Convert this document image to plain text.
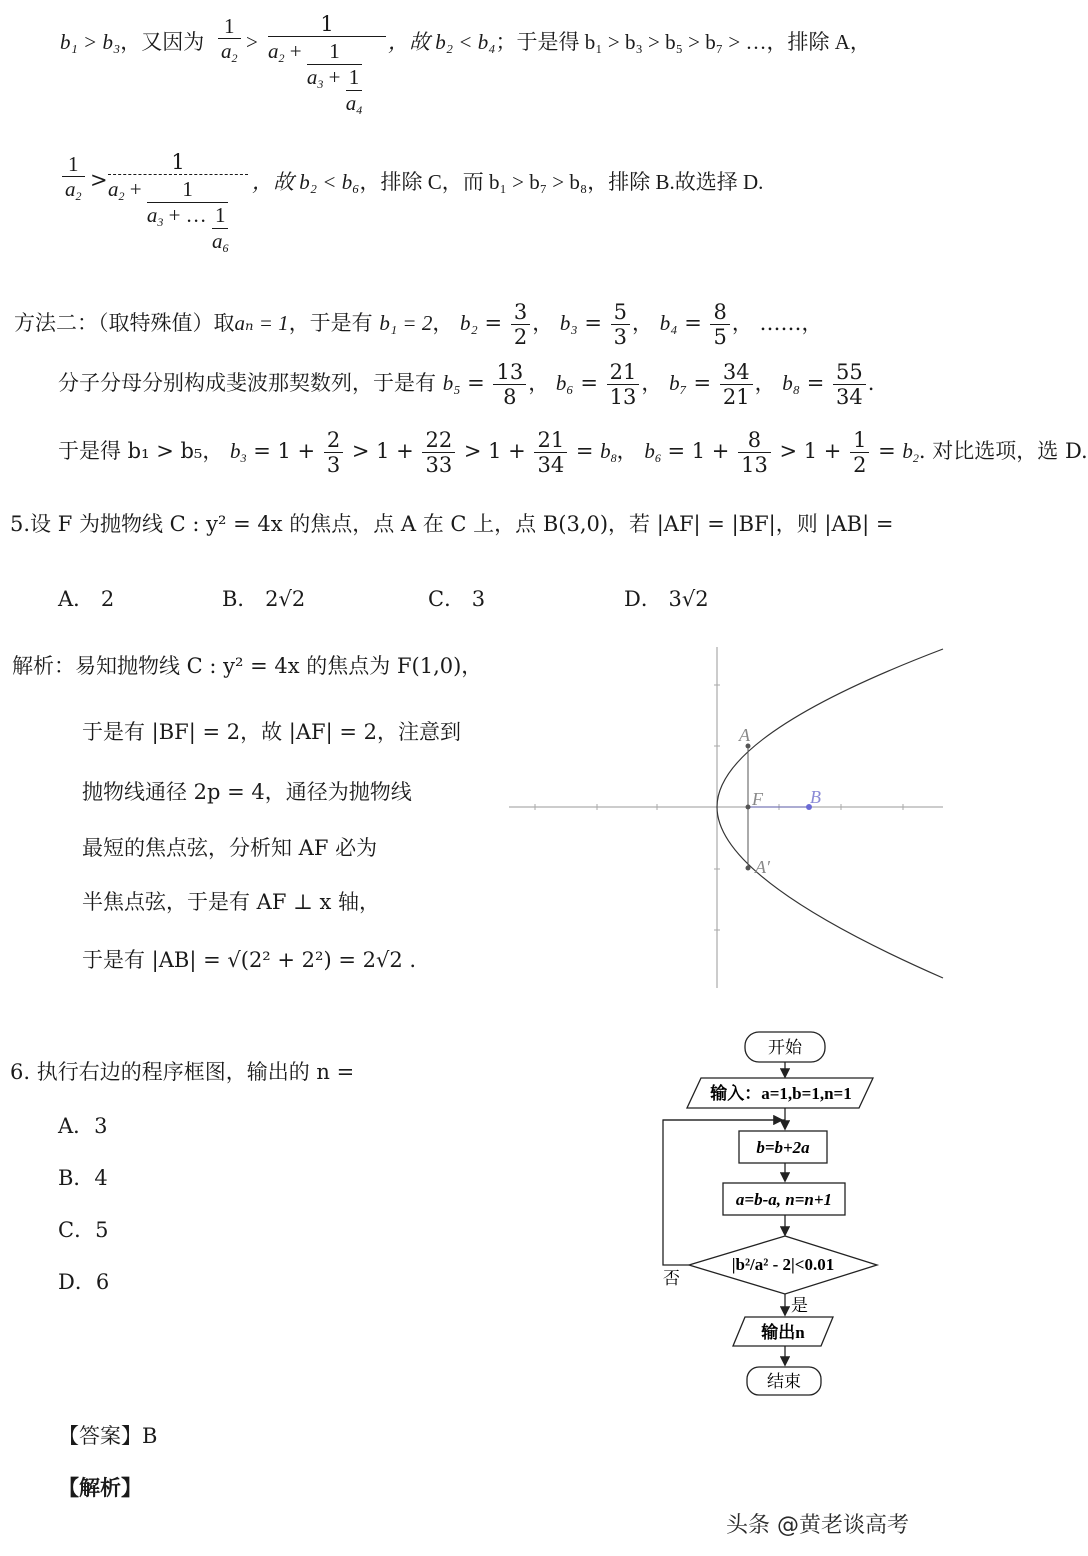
b₁ > b₃，又因为 $\frac{1}{a_2}$ >
1
$a_2 + \frac{1}{a_3 + \frac{1}{a_4}}$ ，故 b₂ < b₄；于是得 b₁ > b₃ > b₅ > b₇ > …，排除 A，
$\frac{1}{a_2}$ >
1
$a_2 + \frac{1}{a_3 + \dots \frac{1}{a_6}}$ ，故 b₂ < b₆，排除 C，而 b₁ > b₇ > b₈，排除 B.故选择 D.
方法二：（取特殊值）取aₙ = 1，于是有 b₁ = 2， $b_2 = \frac{3}{2}$ ， $b_3 = \frac{5}{3}$ ， $b_4 = \frac{8}{5}$ ， ……，
分子分母分别构成斐波那契数列，于是有 $b_5 = \frac{13}{8}$ ， $b_6 = \frac{21}{13}$ ， $b_7 = \frac{34}{21}$ ， $b_8 = \frac{55}{34}$ .
于是得 b₁ > b₅， $b_3 = 1 + \frac{2}{3} > 1 + \frac{22}{33} > 1 + \frac{21}{34} = b_8$， $b_6 = 1 + \frac{8}{13} > 1 + \frac{1}{2} = b_2$. 对比选项，选 D.
5.设 F 为抛物线 C : y² = 4x 的焦点，点 A 在 C 上，点 B(3,0)，若 |AF| = |BF|，则 |AB| =
A． 2	B． 2√2	C． 3	D． 3√2
解析：易知抛物线 C : y² = 4x 的焦点为 F(1,0)，
于是有 |BF| = 2，故 |AF| = 2，注意到
抛物线通径 2p = 4，通径为抛物线
最短的焦点弦，分析知 AF 必为
半焦点弦，于是有 AF ⊥ x 轴，
于是有 |AB| = √(2² + 2²) = 2√2 .
A
F	B
A′
6. 执行右边的程序框图，输出的 n =
A．3
B．4
C．5
D．6
开始
输入：a=1,b=1,n=1
b=b+2a
a=b-a, n=n+1
|b²/a² - 2|<0.01
否
是
输出n
结束
【答案】B
【解析】
头条 @黄老谈高考
